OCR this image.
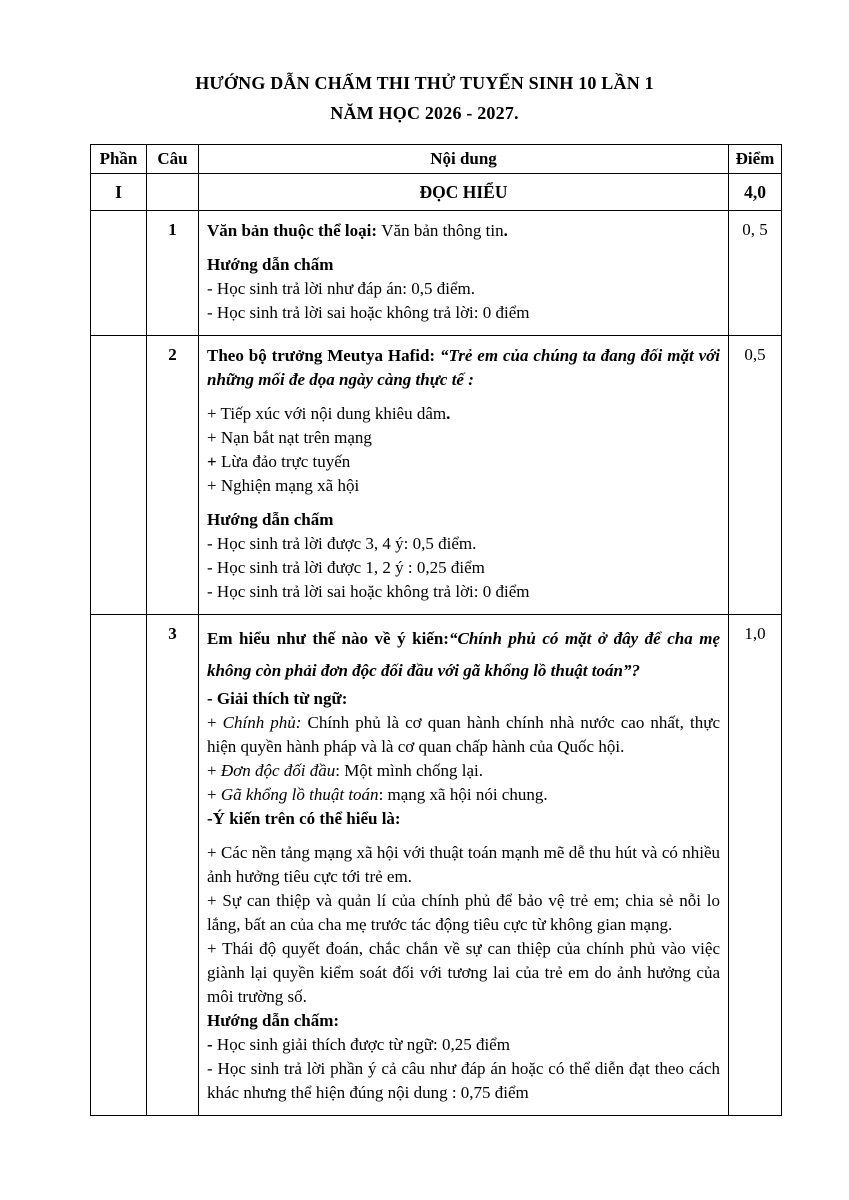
HƯỚNG DẪN CHẤM THI THỬ TUYỂN SINH 10 LẦN 1
NĂM HỌC 2026 - 2027.
Phần	Câu	Nội dung	Điểm
I		ĐỌC HIỂU	4,0
	1	Văn bản thuộc thể loại: Văn bản thông tin.

Hướng dẫn chấm

- Học sinh trả lời như đáp án: 0,5 điểm.

- Học sinh trả lời sai hoặc không trả lời: 0 điểm	0, 5
	2	Theo bộ trưởng Meutya Hafid: “Trẻ em của chúng ta đang đối mặt với những mối đe dọa ngày càng thực tế :

+ Tiếp xúc với nội dung khiêu dâm.

+ Nạn bắt nạt trên mạng

+ Lừa đảo trực tuyến

+ Nghiện mạng xã hội

Hướng dẫn chấm

- Học sinh trả lời được 3, 4 ý: 0,5 điểm.

- Học sinh trả lời được 1, 2 ý : 0,25 điểm

- Học sinh trả lời sai hoặc không trả lời: 0 điểm

	0,5
	3	Em hiểu như thế nào về ý kiến:“Chính phủ có mặt ở đây để cha mẹ không còn phải đơn độc đối đầu với gã khổng lồ thuật toán”?

- Giải thích từ ngữ:

+ Chính phủ: Chính phủ là cơ quan hành chính nhà nước cao nhất, thực hiện quyền hành pháp và là cơ quan chấp hành của Quốc hội.

+ Đơn độc đối đầu: Một mình chống lại.

+ Gã khổng lồ thuật toán: mạng xã hội nói chung.

-Ý kiến trên có thể hiểu là:

+ Các nền tảng mạng xã hội với thuật toán mạnh mẽ dễ thu hút và có nhiều ảnh hưởng tiêu cực tới trẻ em.

+ Sự can thiệp và quản lí của chính phủ để bảo vệ trẻ em; chia sẻ nỗi lo lắng, bất an của cha mẹ trước tác động tiêu cực từ không gian mạng.

+ Thái độ quyết đoán, chắc chắn về sự can thiệp của chính phủ vào việc giành lại quyền kiểm soát đối với tương lai của trẻ em do ảnh hưởng của môi trường số.

Hướng dẫn chấm:

- Học sinh giải thích được từ ngữ: 0,25 điểm

- Học sinh trả lời phần ý cả câu như đáp án hoặc có thể diễn đạt theo cách khác nhưng thể hiện đúng nội dung : 0,75 điểm

	1,0
